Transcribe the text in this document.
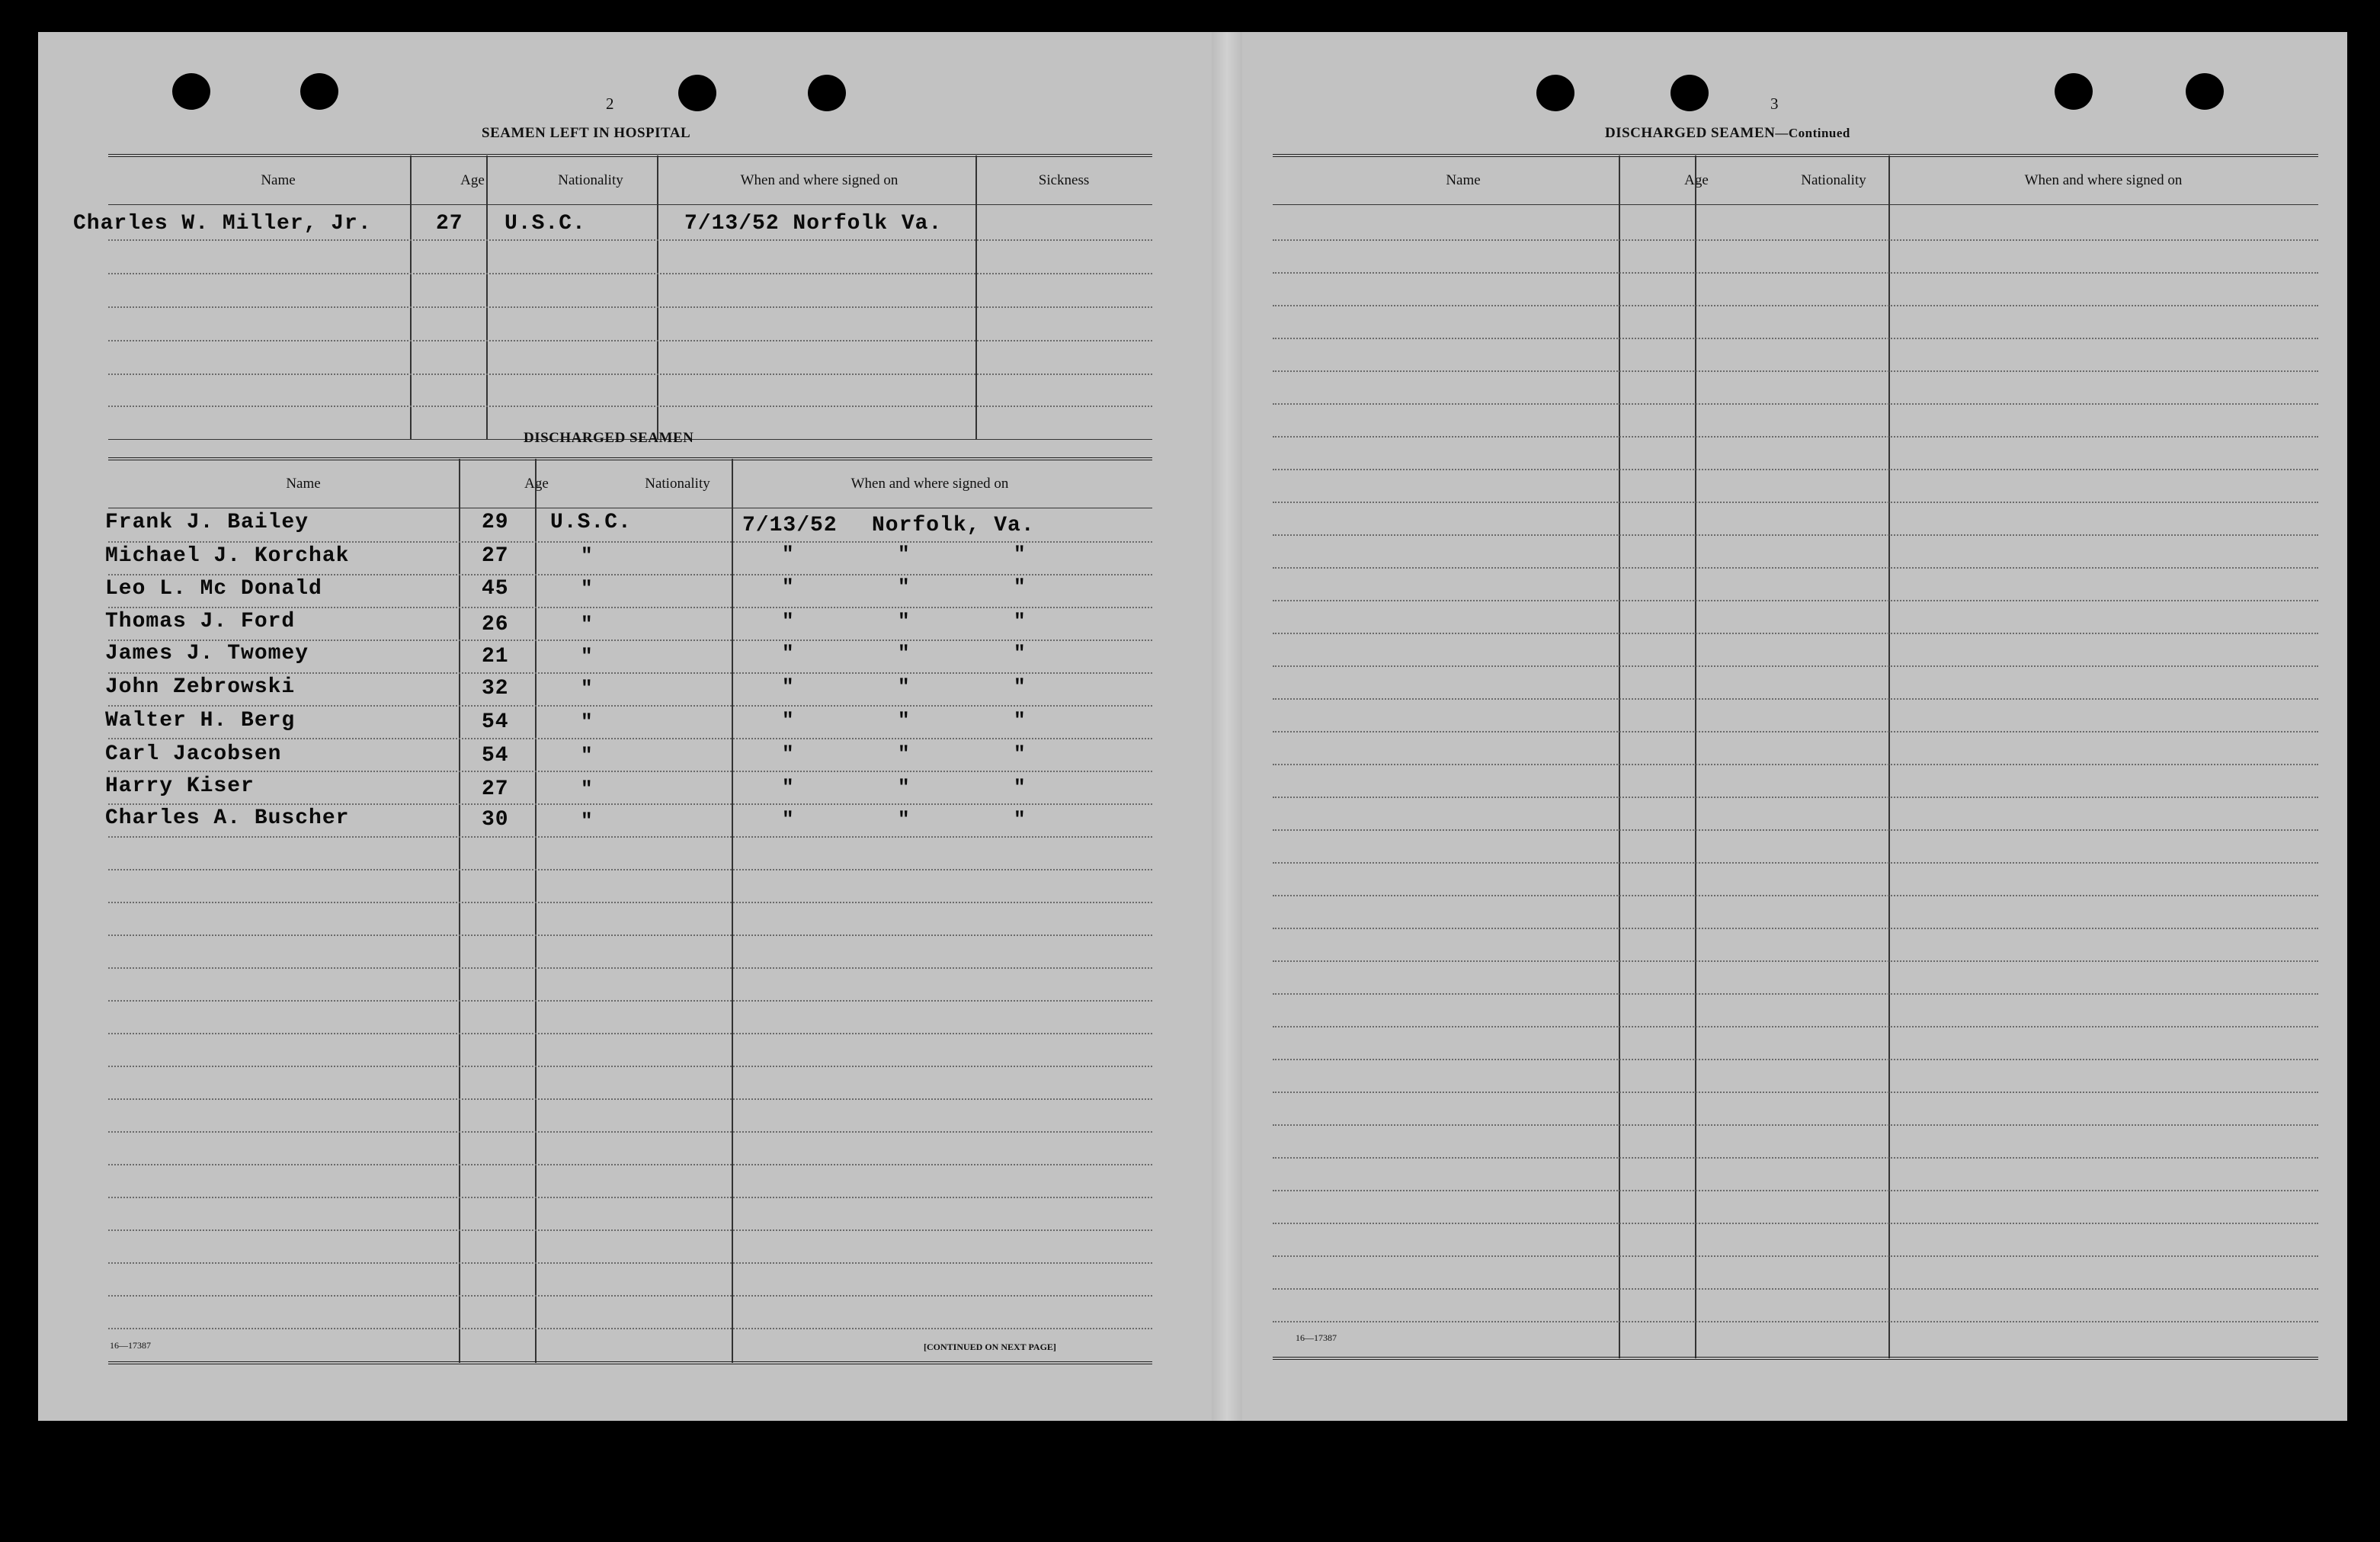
2
SEAMEN LEFT IN HOSPITAL
Name	Age	Nationality	When and where signed on	Sickness
Charles W. Miller, Jr.	27 U.S.C.	7/13/52 Norfolk Va.
DISCHARGED SEAMEN
Name	Age	Nationality	When and where signed on
Frank J. Bailey	29 U.S.C.	7/13/52 Norfolk, Va.
Michael J. Korchak	27	"	"	"	"
Leo L. Mc Donald	45	"	"	"	"
Thomas J. Ford	26	"	"	"	"
James J. Twomey	21	"	"	"	"
John Zebrowski	32	"	"	"	"
Walter H. Berg	54	"	"	"	"
Carl Jacobsen	54	"	"	"	"
Harry Kiser	27	"	"	"	"
Charles A. Buscher	30	"	"	"	"
16—17387	[CONTINUED ON NEXT PAGE]
3
DISCHARGED SEAMEN—Continued
Name	Age	Nationality	When and where signed on
16—17387
